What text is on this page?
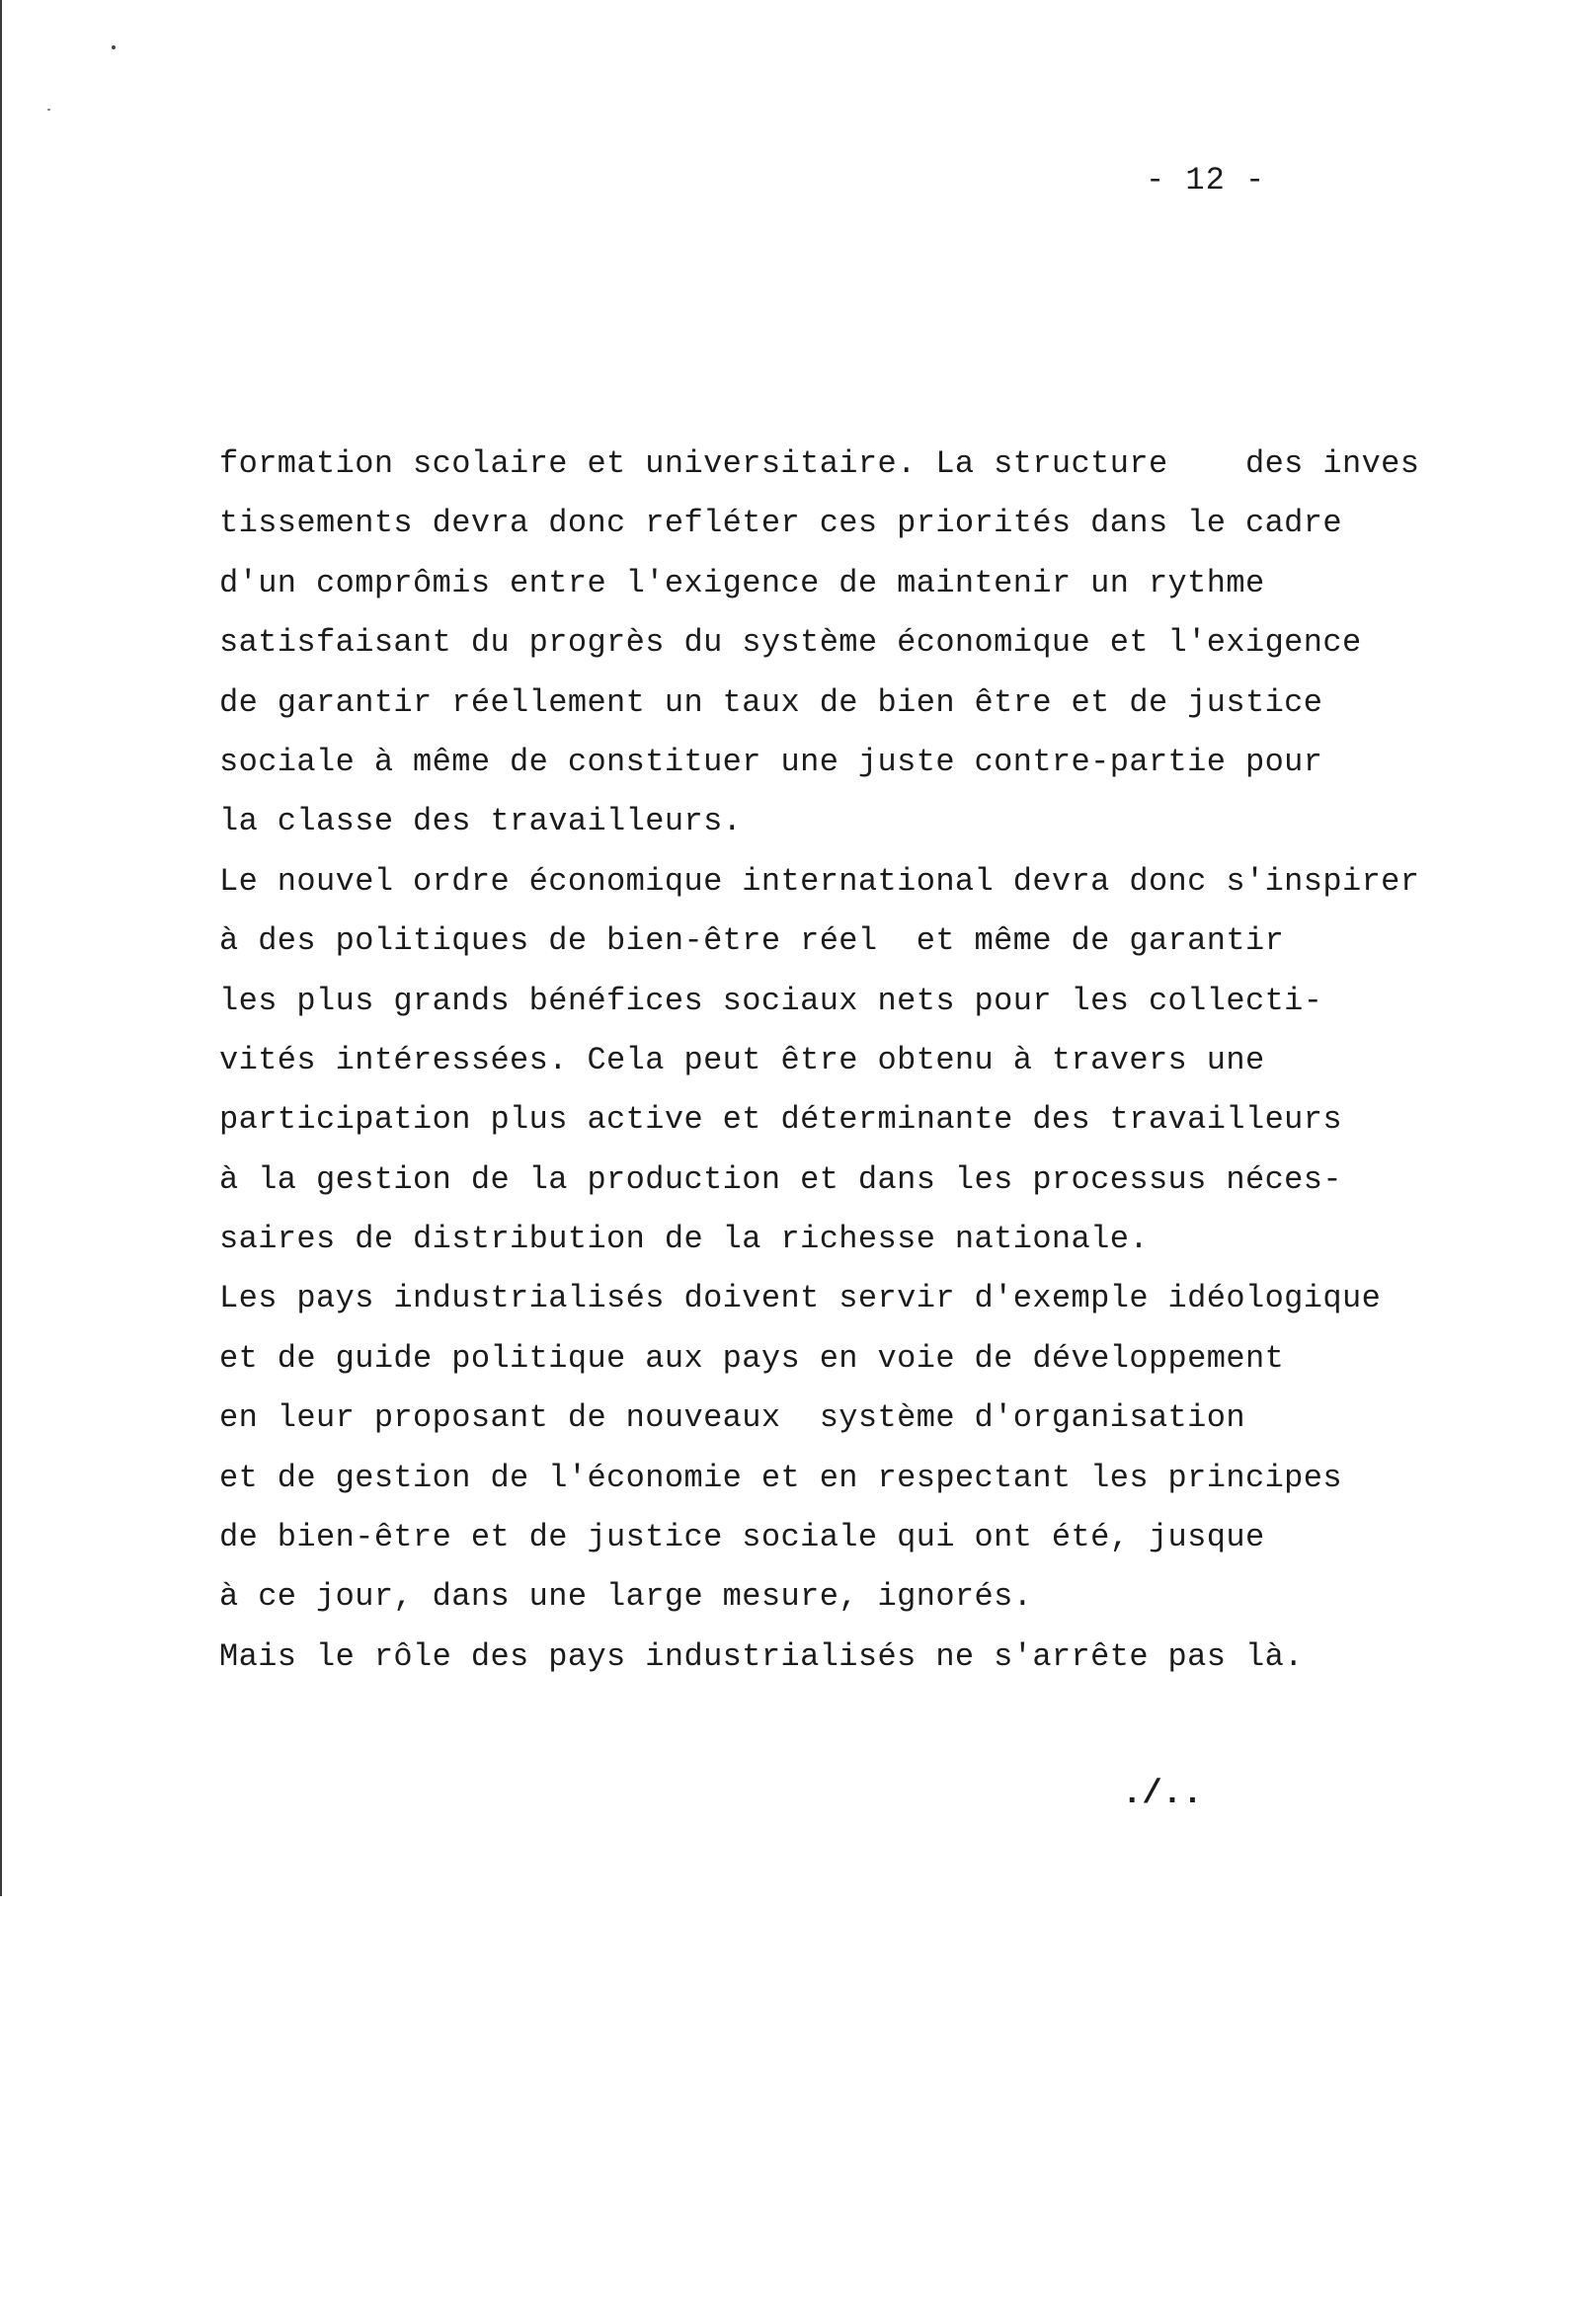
- 12 -
formation scolaire et universitaire. La structure    des inves
tissements devra donc refléter ces priorités dans le cadre
d'un comprômis entre l'exigence de maintenir un rythme
satisfaisant du progrès du système économique et l'exigence
de garantir réellement un taux de bien être et de justice
sociale à même de constituer une juste contre-partie pour
la classe des travailleurs.
Le nouvel ordre économique international devra donc s'inspirer
à des politiques de bien-être réel  et même de garantir
les plus grands bénéfices sociaux nets pour les collecti-
vités intéressées. Cela peut être obtenu à travers une
participation plus active et déterminante des travailleurs
à la gestion de la production et dans les processus néces-
saires de distribution de la richesse nationale.
Les pays industrialisés doivent servir d'exemple idéologique
et de guide politique aux pays en voie de développement
en leur proposant de nouveaux  système d'organisation
et de gestion de l'économie et en respectant les principes
de bien-être et de justice sociale qui ont été, jusque
à ce jour, dans une large mesure, ignorés.
Mais le rôle des pays industrialisés ne s'arrête pas là.
./..
